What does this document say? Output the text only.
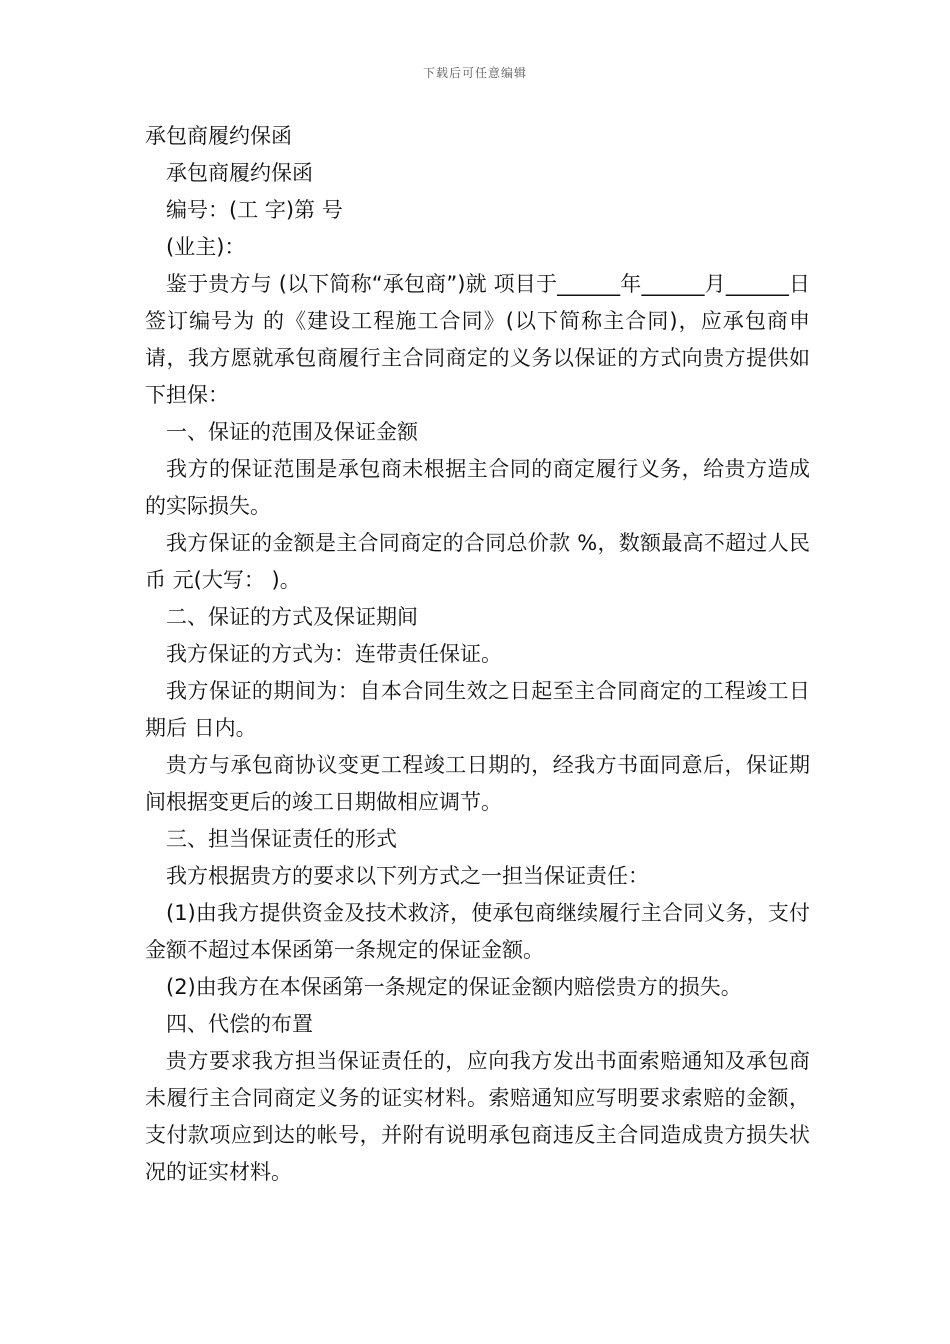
下载后可任意编辑

承包商履约保函

承包商履约保函

编号：(工 字)第 号

(业主)：

鉴于贵方与 (以下简称“承包商”)就 项目于______年______月______日签订编号为 的《建设工程施工合同》(以下简称主合同)，应承包商申请，我方愿就承包商履行主合同商定的义务以保证的方式向贵方提供如下担保：

一、保证的范围及保证金额

我方的保证范围是承包商未根据主合同的商定履行义务，给贵方造成的实际损失。

我方保证的金额是主合同商定的合同总价款 %，数额最高不超过人民币 元(大写： )。

二、保证的方式及保证期间

我方保证的方式为：连带责任保证。

我方保证的期间为：自本合同生效之日起至主合同商定的工程竣工日期后 日内。

贵方与承包商协议变更工程竣工日期的，经我方书面同意后，保证期间根据变更后的竣工日期做相应调节。

三、担当保证责任的形式

我方根据贵方的要求以下列方式之一担当保证责任：

(1)由我方提供资金及技术救济，使承包商继续履行主合同义务，支付金额不超过本保函第一条规定的保证金额。

(2)由我方在本保函第一条规定的保证金额内赔偿贵方的损失。

四、代偿的布置

贵方要求我方担当保证责任的，应向我方发出书面索赔通知及承包商未履行主合同商定义务的证实材料。索赔通知应写明要求索赔的金额，支付款项应到达的帐号，并附有说明承包商违反主合同造成贵方损失状况的证实材料。
